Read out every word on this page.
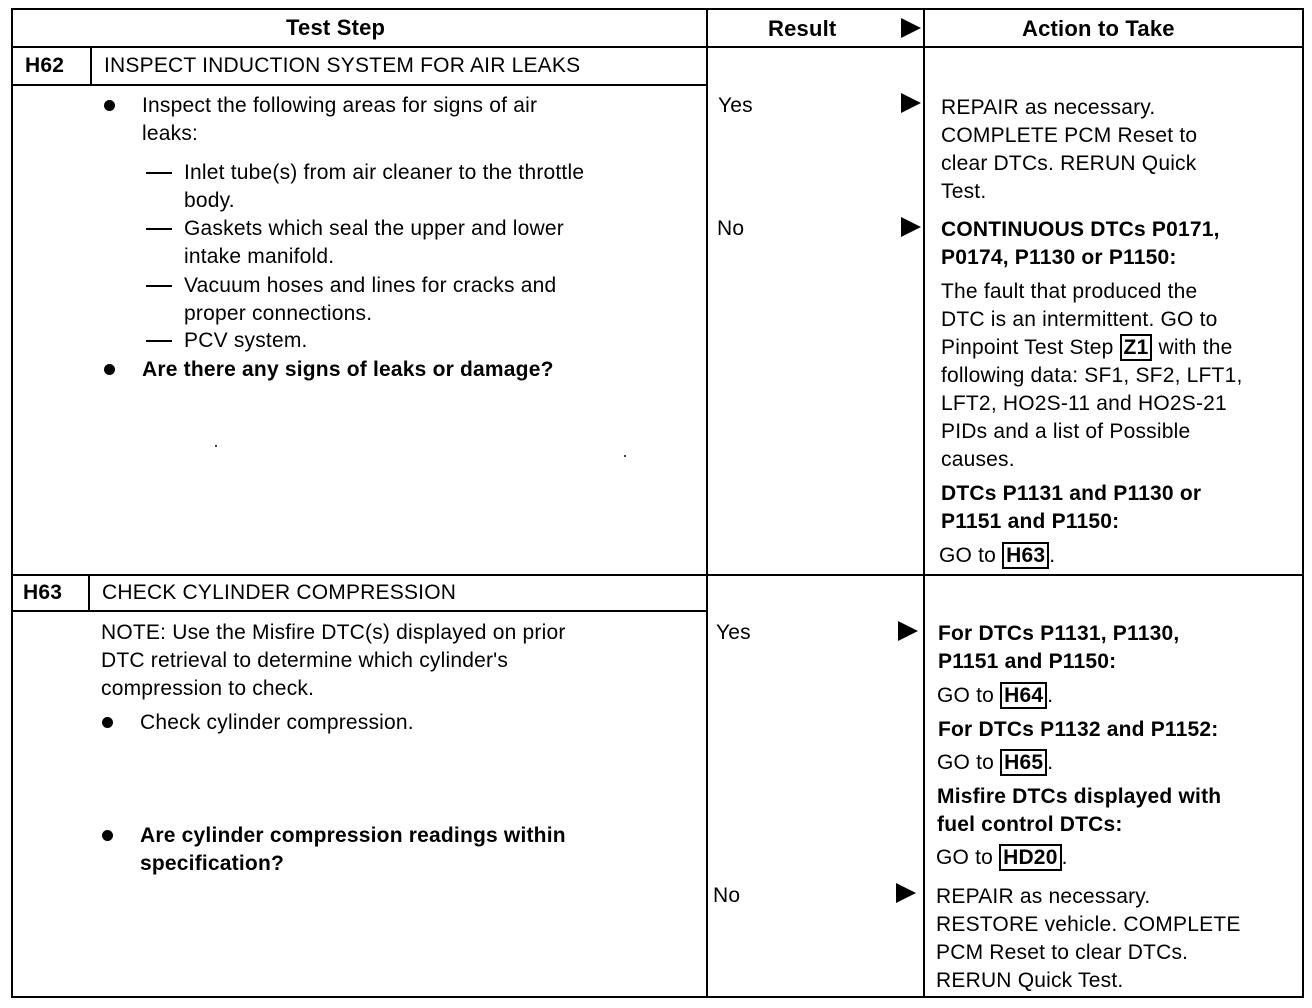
Test Step	Result	Action to Take
H62 INSPECT INDUCTION SYSTEM FOR AIR LEAKS
Inspect the following areas for signs of air
leaks:
Inlet tube(s) from air cleaner to the throttle
body.
Gaskets which seal the upper and lower
intake manifold.
Vacuum hoses and lines for cracks and
proper connections.
PCV system.
Are there any signs of leaks or damage?
Yes	REPAIR as necessary.
COMPLETE PCM Reset to
clear DTCs. RERUN Quick
Test.
No	CONTINUOUS DTCs P0171,
P0174, P1130 or P1150:
The fault that produced the
DTC is an intermittent. GO to
Pinpoint Test Step Z1 with the
following data: SF1, SF2, LFT1,
LFT2, HO2S-11 and HO2S-21
PIDs and a list of Possible
causes.
DTCs P1131 and P1130 or
P1151 and P1150:
GO to H63 .
H63 CHECK CYLINDER COMPRESSION
NOTE: Use the Misfire DTC(s) displayed on prior
DTC retrieval to determine which cylinder's
compression to check.
Check cylinder compression.
Are cylinder compression readings within
specification?
Yes	For DTCs P1131, P1130,
P1151 and P1150:
GO to H64 .
For DTCs P1132 and P1152:
GO to H65 .
Misfire DTCs displayed with
fuel control DTCs:
GO to HD20 .
No	REPAIR as necessary.
RESTORE vehicle. COMPLETE
PCM Reset to clear DTCs.
RERUN Quick Test.
